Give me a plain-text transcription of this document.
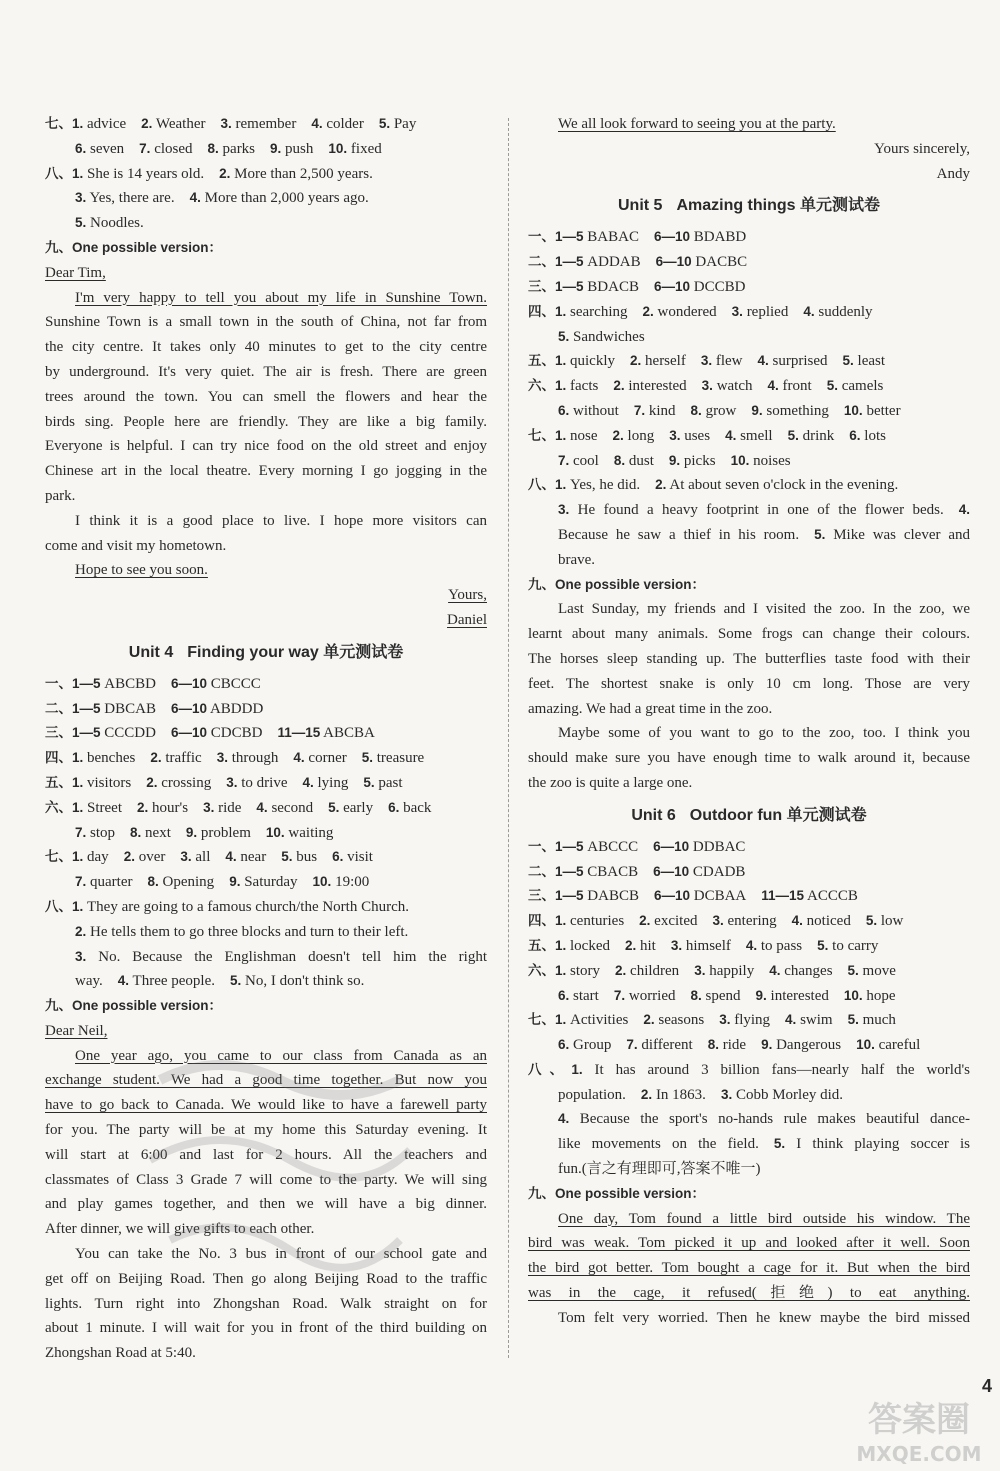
七、1. advice  2. Weather  3. remember  4. colder  5. Pay
6. seven  7. closed  8. parks  9. push  10. fixed
八、1. She is 14 years old.  2. More than 2,500 years.
3. Yes, there are.  4. More than 2,000 years ago.
5. Noodles.
九、One possible version：
Dear Tim,
I'm very happy to tell you about my life in Sunshine Town.
Sunshine Town is a small town in the south of China, not far from
the city centre. It takes only 40 minutes to get to the city centre
by underground. It's very quiet. The air is fresh. There are green
trees around the town. You can smell the flowers and hear the
birds sing. People here are friendly. They are like a big family.
Everyone is helpful. I can try nice food on the old street and enjoy
Chinese art in the local theatre. Every morning I go jogging in the
park.
I think it is a good place to live. I hope more visitors can
come and visit my hometown.
Hope to see you soon.
Yours,
Daniel
Unit 4 Finding your way 单元测试卷
一、1—5 ABCBD  6—10 CBCCC
二、1—5 DBCAB  6—10 ABDDD
三、1—5 CCCDD  6—10 CDCBD  11—15 ABCBA
四、1. benches  2. traffic  3. through  4. corner  5. treasure
五、1. visitors  2. crossing  3. to drive  4. lying  5. past
六、1. Street  2. hour's  3. ride  4. second  5. early  6. back
7. stop  8. next  9. problem  10. waiting
七、1. day  2. over  3. all  4. near  5. bus  6. visit
7. quarter  8. Opening  9. Saturday  10. 19:00
八、1. They are going to a famous church/the North Church.
2. He tells them to go three blocks and turn to their left.
3. No. Because the Englishman doesn't tell him the right
way.  4. Three people.  5. No, I don't think so.
九、One possible version：
Dear Neil,
One year ago, you came to our class from Canada as an
exchange student. We had a good time together. But now you
have to go back to Canada. We would like to have a farewell party
for you. The party will be at my home this Saturday evening. It
will start at 6:00 and last for 2 hours. All the teachers and
classmates of Class 3 Grade 7 will come to the party. We will sing
and play games together, and then we will have a big dinner.
After dinner, we will give gifts to each other.
You can take the No. 3 bus in front of our school gate and
get off on Beijing Road. Then go along Beijing Road to the traffic
lights. Turn right into Zhongshan Road. Walk straight on for
about 1 minute. I will wait for you in front of the third building on
Zhongshan Road at 5:40.
We all look forward to seeing you at the party.
Yours sincerely,
Andy
Unit 5 Amazing things 单元测试卷
一、1—5 BABAC  6—10 BDABD
二、1—5 ADDAB  6—10 DACBC
三、1—5 BDACB  6—10 DCCBD
四、1. searching  2. wondered  3. replied  4. suddenly
5. Sandwiches
五、1. quickly  2. herself  3. flew  4. surprised  5. least
六、1. facts  2. interested  3. watch  4. front  5. camels
6. without  7. kind  8. grow  9. something  10. better
七、1. nose  2. long  3. uses  4. smell  5. drink  6. lots
7. cool  8. dust  9. picks  10. noises
八、1. Yes, he did.  2. At about seven o'clock in the evening.
3. He found a heavy footprint in one of the flower beds.  4.
Because he saw a thief in his room.  5. Mike was clever and
brave.
九、One possible version：
Last Sunday, my friends and I visited the zoo. In the zoo, we
learnt about many animals. Some frogs can change their colours.
The horses sleep standing up. The butterflies taste food with their
feet. The shortest snake is only 10 cm long. Those are very
amazing. We had a great time in the zoo.
Maybe some of you want to go to the zoo, too. I think you
should make sure you have enough time to walk around it, because
the zoo is quite a large one.
Unit 6 Outdoor fun 单元测试卷
一、1—5 ABCCC  6—10 DDBAC
二、1—5 CBACB  6—10 CDADB
三、1—5 DABCB  6—10 DCBAA  11—15 ACCCB
四、1. centuries  2. excited  3. entering  4. noticed  5. low
五、1. locked  2. hit  3. himself  4. to pass  5. to carry
六、1. story  2. children  3. happily  4. changes  5. move
6. start  7. worried  8. spend  9. interested  10. hope
七、1. Activities  2. seasons  3. flying  4. swim  5. much
6. Group  7. different  8. ride  9. Dangerous  10. careful
八、1. It has around 3 billion fans—nearly half the world's
population.  2. In 1863.  3. Cobb Morley did.
4. Because the sport's no-hands rule makes beautiful dance-
like movements on the field.  5. I think playing soccer is
fun.(言之有理即可,答案不唯一)
九、One possible version：
One day, Tom found a little bird outside his window. The
bird was weak. Tom picked it up and looked after it well. Soon
the bird got better. Tom bought a cage for it. But when the bird
was in the cage, it refused(拒绝) to eat anything.
Tom felt very worried. Then he knew maybe the bird missed
4
答案圈
MXQE.COM
